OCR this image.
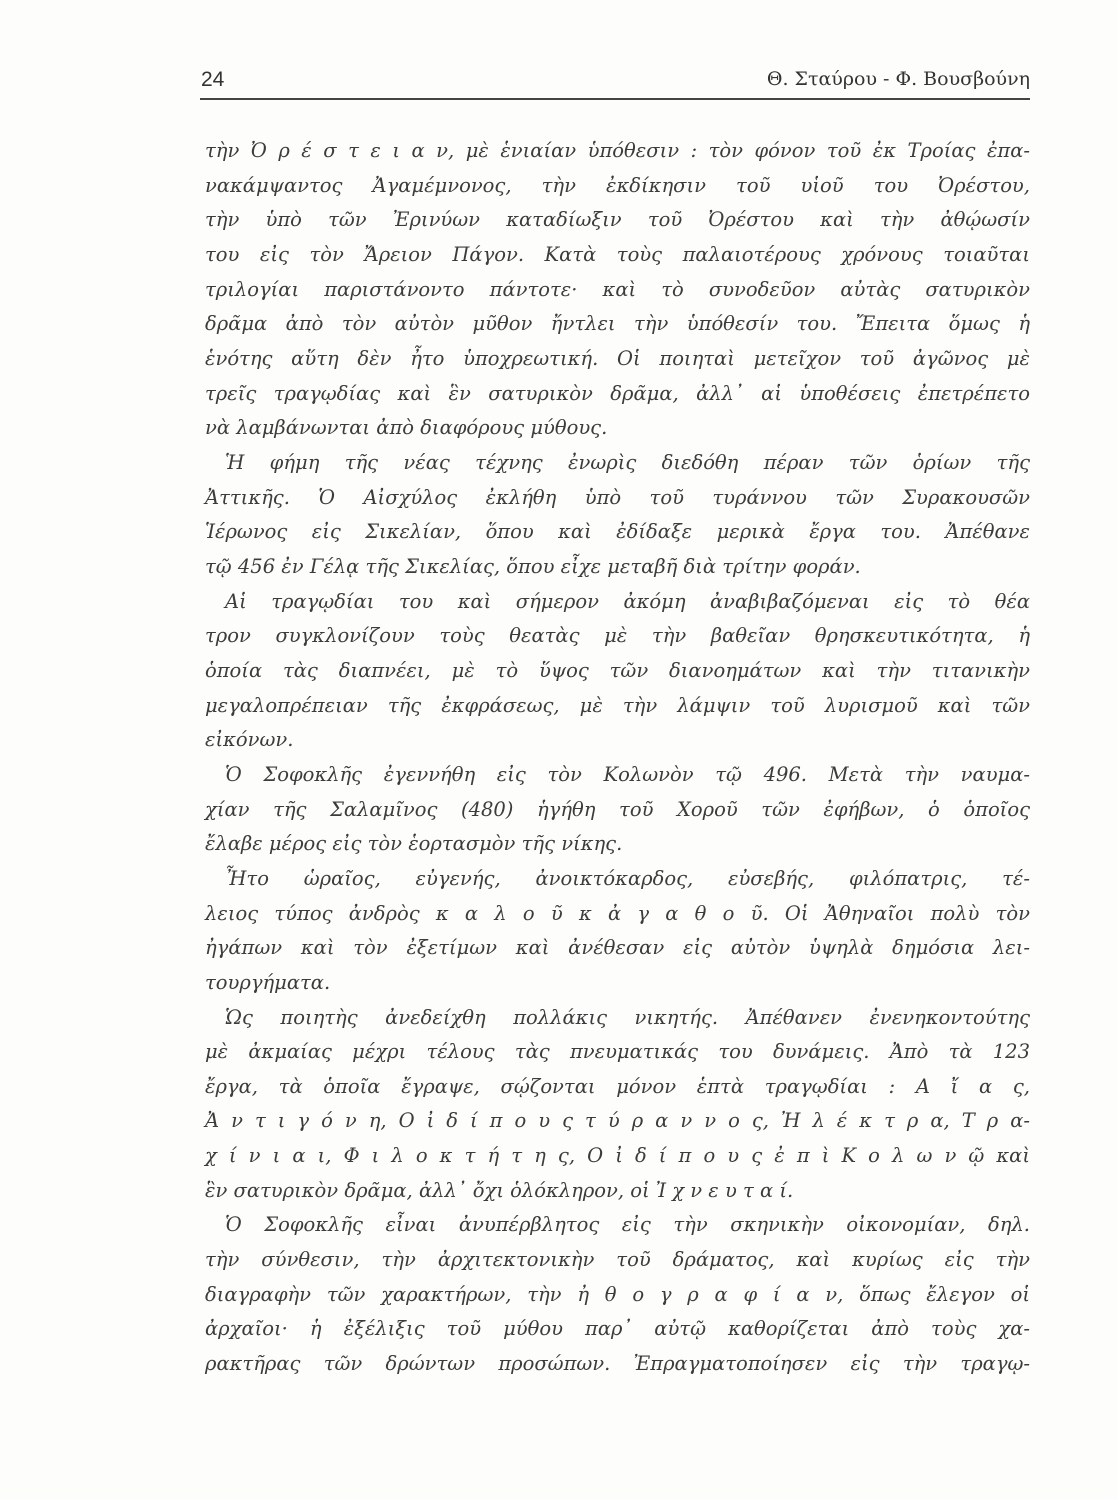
24	Θ. Σταύρου - Φ. Βουσβούνη
τὴν Ὀ ρ έ σ τ ε ι α ν, μὲ ἑνιαίαν ὑπόθεσιν : τὸν φόνον τοῦ ἐκ Τροίας ἐπα-
νακάμψαντος Ἀγαμέμνονος, τὴν ἐκδίκησιν τοῦ υἱοῦ του Ὀρέστου,
τὴν ὑπὸ τῶν Ἐρινύων καταδίωξιν τοῦ Ὀρέστου καὶ τὴν ἀθῴωσίν
του εἰς τὸν Ἄρειον Πάγον. Κατὰ τοὺς παλαιοτέρους χρόνους τοιαῦται
τριλογίαι παριστάνοντο πάντοτε· καὶ τὸ συνοδεῦον αὐτὰς σατυρικὸν
δρᾶμα ἀπὸ τὸν αὐτὸν μῦθον ἤντλει τὴν ὑπόθεσίν του. Ἔπειτα ὅμως ἡ
ἑνότης αὕτη δὲν ἦτο ὑποχρεωτική. Οἱ ποιηταὶ μετεῖχον τοῦ ἀγῶνος μὲ
τρεῖς τραγῳδίας καὶ ἓν σατυρικὸν δρᾶμα, ἀλλ᾽ αἱ ὑποθέσεις ἐπετρέπετο
νὰ λαμβάνωνται ἀπὸ διαφόρους μύθους.
Ἡ φήμη τῆς νέας τέχνης ἐνωρὶς διεδόθη πέραν τῶν ὁρίων τῆς
Ἀττικῆς. Ὁ Αἰσχύλος ἐκλήθη ὑπὸ τοῦ τυράννου τῶν Συρακουσῶν
Ἱέρωνος εἰς Σικελίαν, ὅπου καὶ ἐδίδαξε μερικὰ ἔργα του. Ἀπέθανε
τῷ 456 ἐν Γέλᾳ τῆς Σικελίας, ὅπου εἶχε μεταβῆ διὰ τρίτην φοράν.
Αἱ τραγῳδίαι του καὶ σήμερον ἀκόμη ἀναβιβαζόμεναι εἰς τὸ θέα
τρον συγκλονίζουν τοὺς θεατὰς μὲ τὴν βαθεῖαν θρησκευτικότητα, ἡ
ὁποία τὰς διαπνέει, μὲ τὸ ὕψος τῶν διανοημάτων καὶ τὴν τιτανικὴν
μεγαλοπρέπειαν τῆς ἐκφράσεως, μὲ τὴν λάμψιν τοῦ λυρισμοῦ καὶ τῶν
εἰκόνων.
Ὁ Σοφοκλῆς ἐγεννήθη εἰς τὸν Κολωνὸν τῷ 496. Μετὰ τὴν ναυμα-
χίαν τῆς Σαλαμῖνος (480) ἡγήθη τοῦ Χοροῦ τῶν ἐφήβων, ὁ ὁποῖος
ἔλαβε μέρος εἰς τὸν ἑορτασμὸν τῆς νίκης.
Ἦτο ὡραῖος, εὐγενής, ἀνοικτόκαρδος, εὐσεβής, φιλόπατρις, τέ-
λειος τύπος ἀνδρὸς κ α λ ο ῦ κ ἀ γ α θ ο ῦ. Οἱ Ἀθηναῖοι πολὺ τὸν
ἠγάπων καὶ τὸν ἐξετίμων καὶ ἀνέθεσαν εἰς αὐτὸν ὑψηλὰ δημόσια λει-
τουργήματα.
Ὡς ποιητὴς ἀνεδείχθη πολλάκις νικητής. Ἀπέθανεν ἐνενηκοντούτης
μὲ ἀκμαίας μέχρι τέλους τὰς πνευματικάς του δυνάμεις. Ἀπὸ τὰ 123
ἔργα, τὰ ὁποῖα ἔγραψε, σῴζονται μόνον ἑπτὰ τραγῳδίαι : Α ἴ α ς,
Ἀ ν τ ι γ ό ν η, Ο ἰ δ ί π ο υ ς τ ύ ρ α ν ν ο ς, Ἠ λ έ κ τ ρ α, Τ ρ α-
χ ί ν ι α ι, Φ ι λ ο κ τ ή τ η ς, Ο ἰ δ ί π ο υ ς ἐ π ὶ Κ ο λ ω ν ῷ καὶ
ἓν σατυρικὸν δρᾶμα, ἀλλ᾽ ὄχι ὁλόκληρον, οἱ Ἰ χ ν ε υ τ α ί.
Ὁ Σοφοκλῆς εἶναι ἀνυπέρβλητος εἰς τὴν σκηνικὴν οἰκονομίαν, δηλ.
τὴν σύνθεσιν, τὴν ἀρχιτεκτονικὴν τοῦ δράματος, καὶ κυρίως εἰς τὴν
διαγραφὴν τῶν χαρακτήρων, τὴν ἠ θ ο γ ρ α φ ί α ν, ὅπως ἔλεγον οἱ
ἀρχαῖοι· ἡ ἐξέλιξις τοῦ μύθου παρ᾽ αὐτῷ καθορίζεται ἀπὸ τοὺς χα-
ρακτῆρας τῶν δρώντων προσώπων. Ἐπραγματοποίησεν εἰς τὴν τραγῳ-
